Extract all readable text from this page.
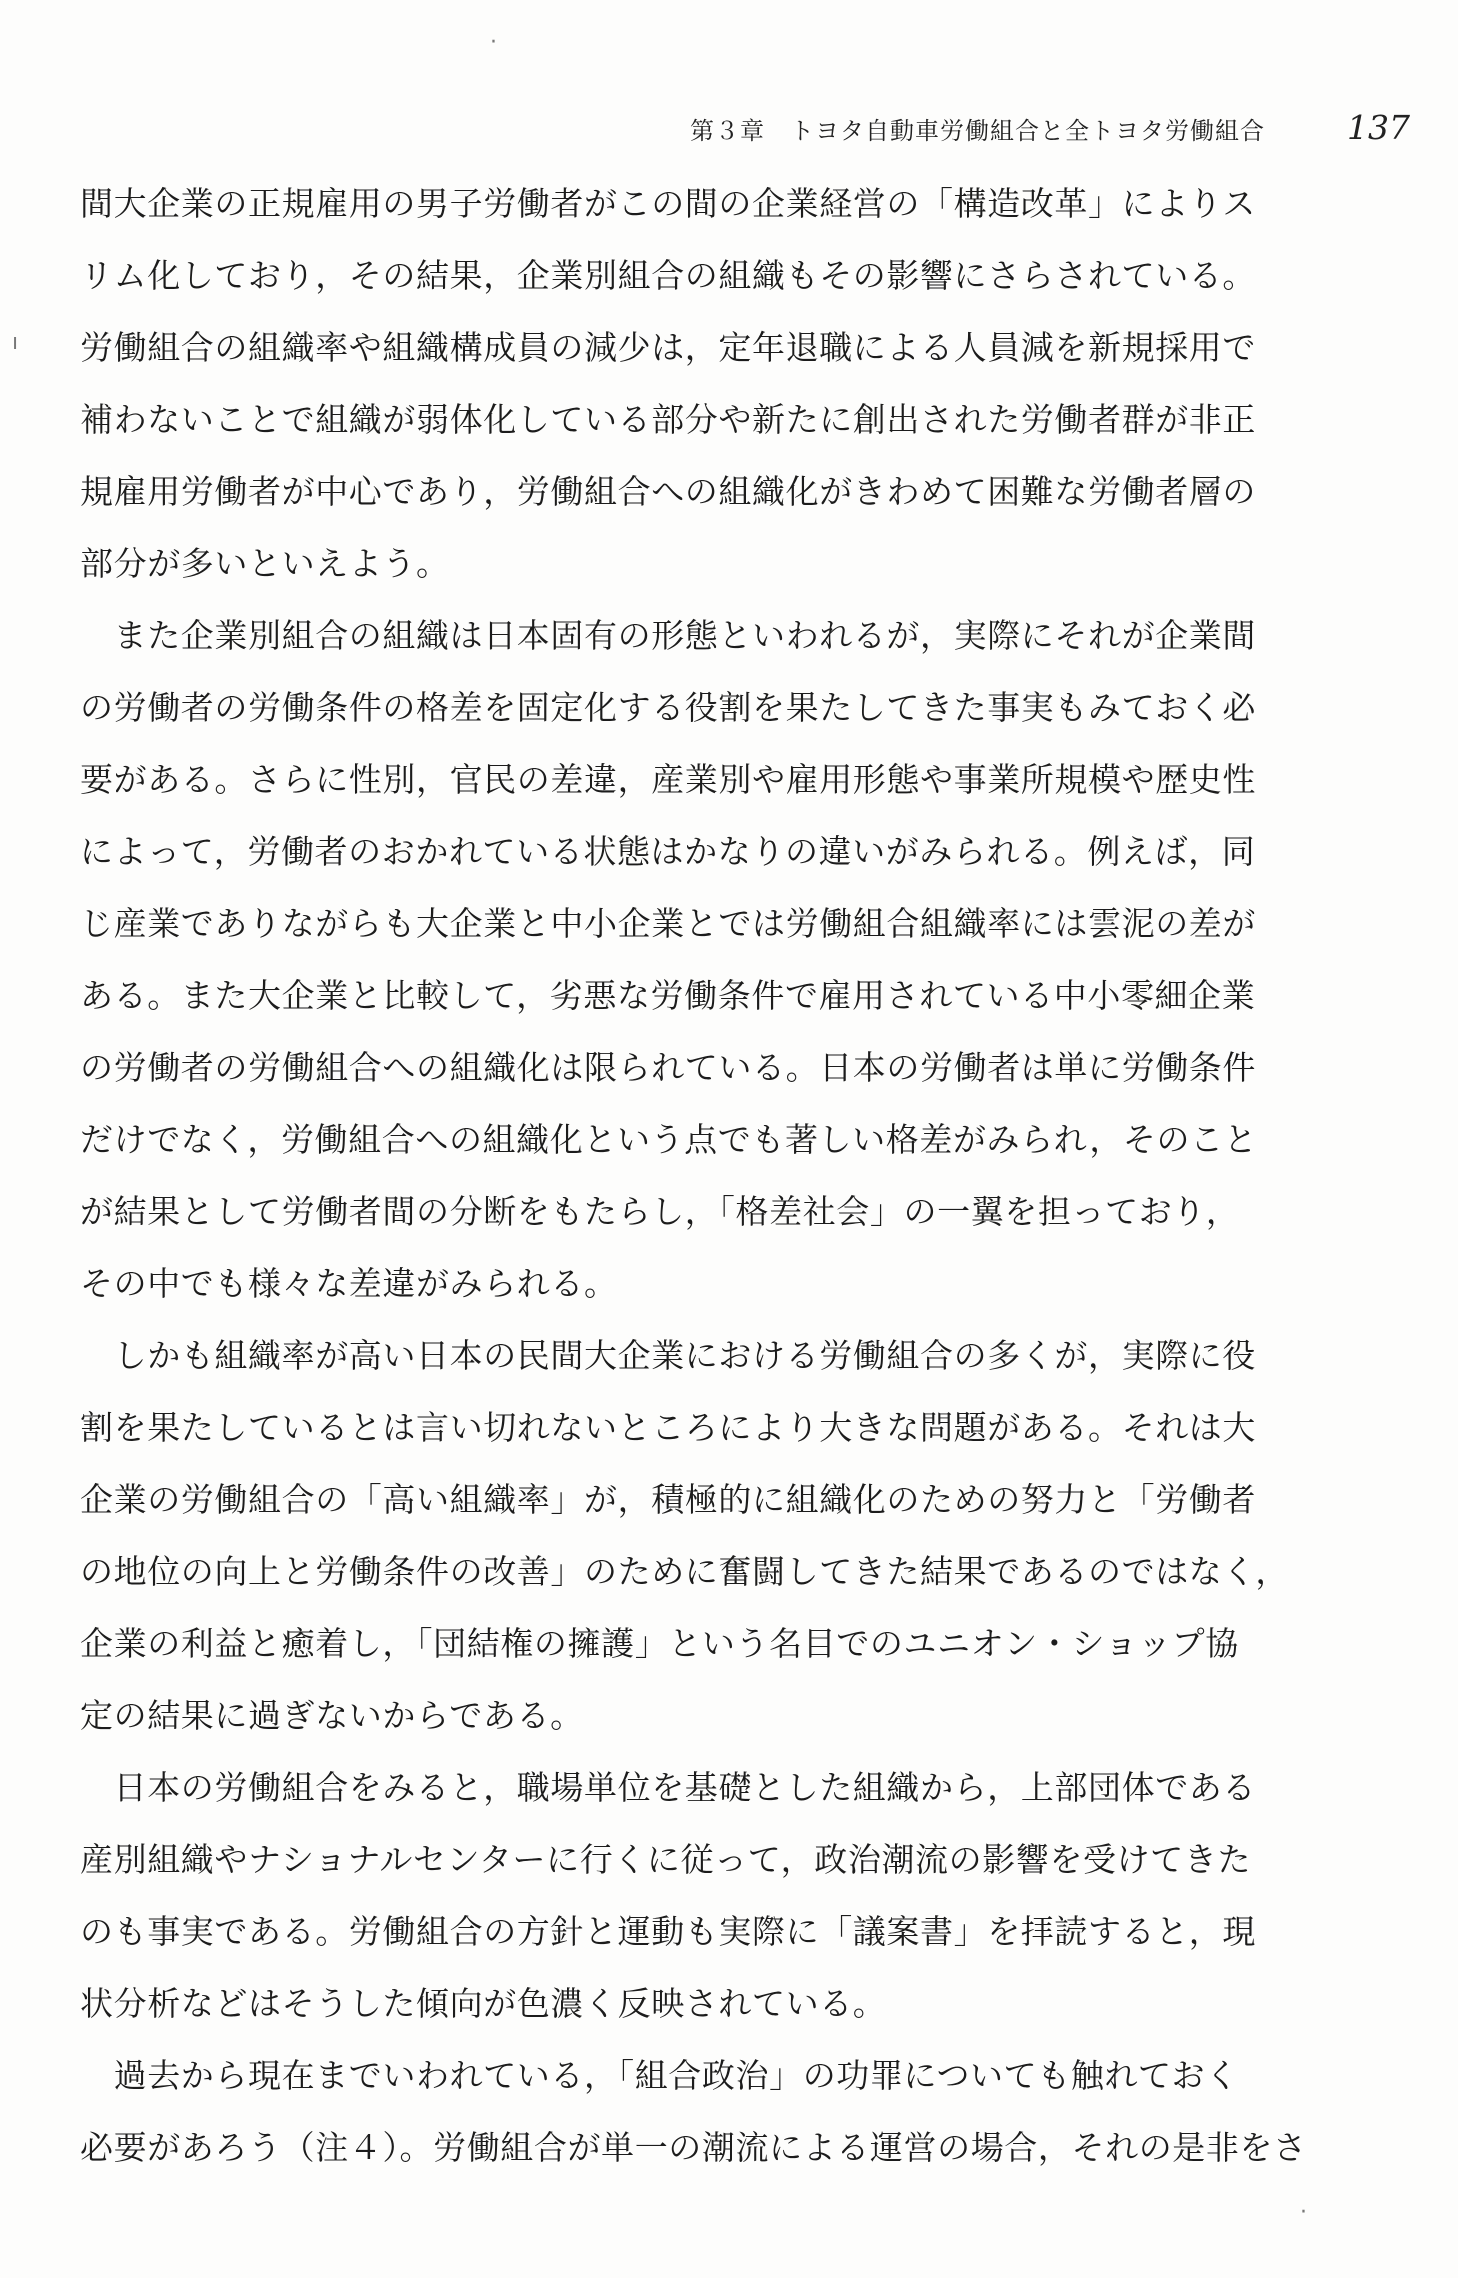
·
ı
·
第３章　トヨタ自動車労働組合と全トヨタ労働組合 137
間大企業の正規雇用の男子労働者がこの間の企業経営の「構造改革」によりス
リム化しており，その結果，企業別組合の組織もその影響にさらされている。
労働組合の組織率や組織構成員の減少は，定年退職による人員減を新規採用で
補わないことで組織が弱体化している部分や新たに創出された労働者群が非正
規雇用労働者が中心であり，労働組合への組織化がきわめて困難な労働者層の
部分が多いといえよう。
　また企業別組合の組織は日本固有の形態といわれるが，実際にそれが企業間
の労働者の労働条件の格差を固定化する役割を果たしてきた事実もみておく必
要がある。さらに性別，官民の差違，産業別や雇用形態や事業所規模や歴史性
によって，労働者のおかれている状態はかなりの違いがみられる。例えば，同
じ産業でありながらも大企業と中小企業とでは労働組合組織率には雲泥の差が
ある。また大企業と比較して，劣悪な労働条件で雇用されている中小零細企業
の労働者の労働組合への組織化は限られている。日本の労働者は単に労働条件
だけでなく，労働組合への組織化という点でも著しい格差がみられ，そのこと
が結果として労働者間の分断をもたらし，「格差社会」の一翼を担っており，
その中でも様々な差違がみられる。
　しかも組織率が高い日本の民間大企業における労働組合の多くが，実際に役
割を果たしているとは言い切れないところにより大きな問題がある。それは大
企業の労働組合の「高い組織率」が，積極的に組織化のための努力と「労働者
の地位の向上と労働条件の改善」のために奮闘してきた結果であるのではなく，
企業の利益と癒着し，「団結権の擁護」という名目でのユニオン・ショップ協
定の結果に過ぎないからである。
　日本の労働組合をみると，職場単位を基礎とした組織から，上部団体である
産別組織やナショナルセンターに行くに従って，政治潮流の影響を受けてきた
のも事実である。労働組合の方針と運動も実際に「議案書」を拝読すると，現
状分析などはそうした傾向が色濃く反映されている。
　過去から現在までいわれている，「組合政治」の功罪についても触れておく
必要があろう（注４）。労働組合が単一の潮流による運営の場合，それの是非をさ
